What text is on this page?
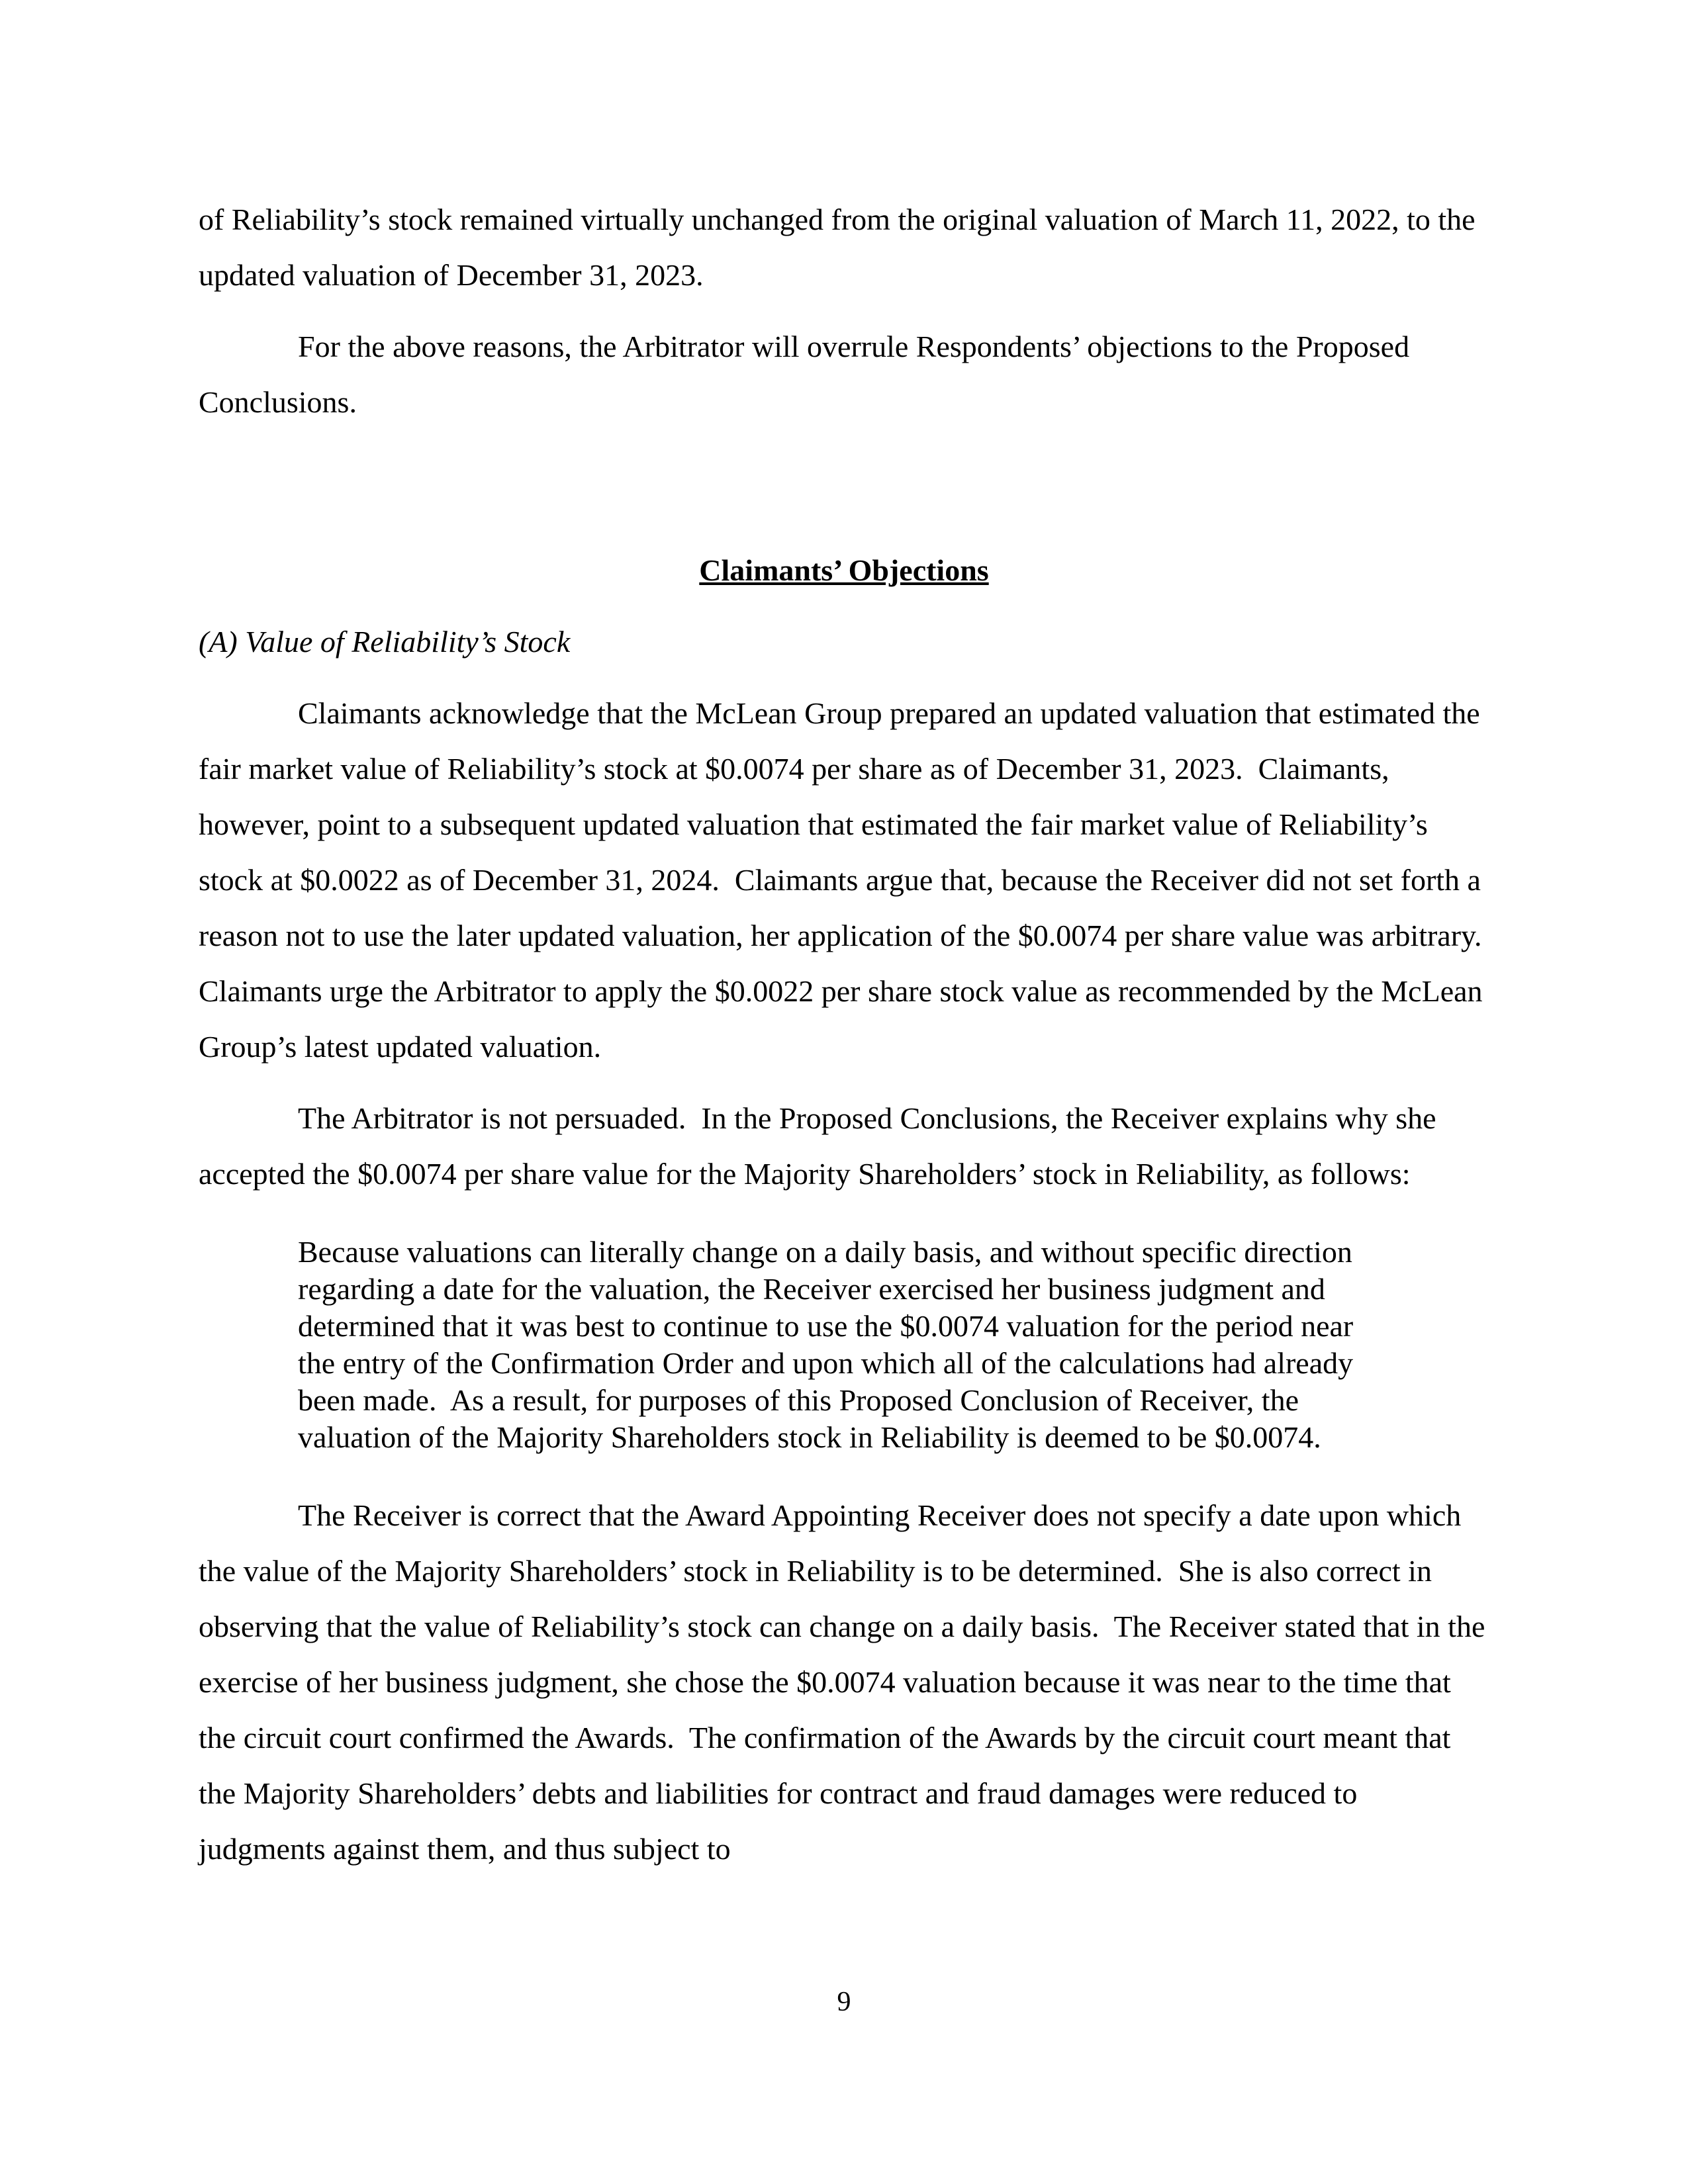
of Reliability’s stock remained virtually unchanged from the original valuation of March 11, 2022, to the updated valuation of December 31, 2023.

For the above reasons, the Arbitrator will overrule Respondents’ objections to the Proposed Conclusions.

Claimants’ Objections
(A) Value of Reliability’s Stock

Claimants acknowledge that the McLean Group prepared an updated valuation that estimated the fair market value of Reliability’s stock at $0.0074 per share as of December 31, 2023.  Claimants, however, point to a subsequent updated valuation that estimated the fair market value of Reliability’s stock at $0.0022 as of December 31, 2024.  Claimants argue that, because the Receiver did not set forth a reason not to use the later updated valuation, her application of the $0.0074 per share value was arbitrary.  Claimants urge the Arbitrator to apply the $0.0022 per share stock value as recommended by the McLean Group’s latest updated valuation.

The Arbitrator is not persuaded.  In the Proposed Conclusions, the Receiver explains why she accepted the $0.0074 per share value for the Majority Shareholders’ stock in Reliability, as follows:

Because valuations can literally change on a daily basis, and without specific direction regarding a date for the valuation, the Receiver exercised her business judgment and determined that it was best to continue to use the $0.0074 valuation for the period near the entry of the Confirmation Order and upon which all of the calculations had already been made.  As a result, for purposes of this Proposed Conclusion of Receiver, the valuation of the Majority Shareholders stock in Reliability is deemed to be $0.0074.

The Receiver is correct that the Award Appointing Receiver does not specify a date upon which the value of the Majority Shareholders’ stock in Reliability is to be determined.  She is also correct in observing that the value of Reliability’s stock can change on a daily basis.  The Receiver stated that in the exercise of her business judgment, she chose the $0.0074 valuation because it was near to the time that the circuit court confirmed the Awards.  The confirmation of the Awards by the circuit court meant that the Majority Shareholders’ debts and liabilities for contract and fraud damages were reduced to judgments against them, and thus subject to

9
